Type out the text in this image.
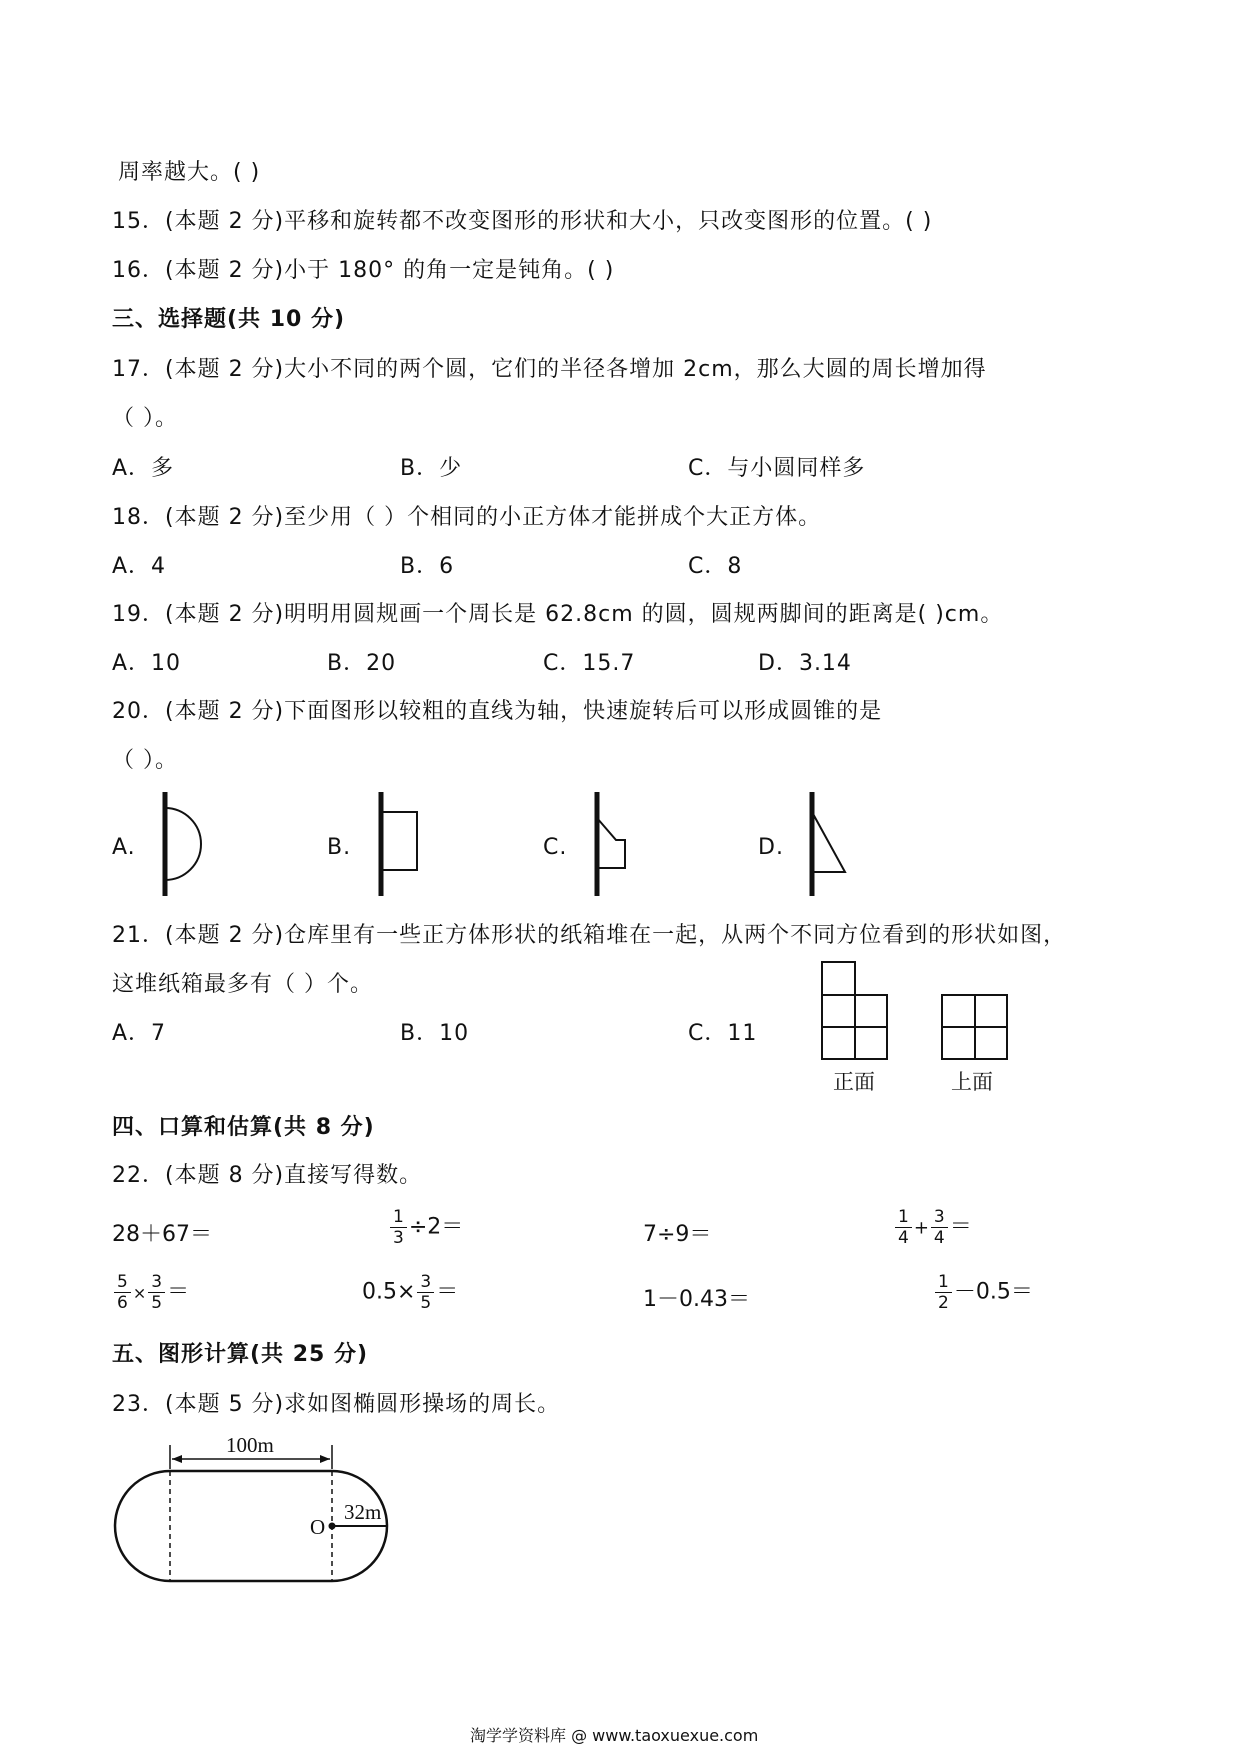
周率越大。( )
15．(本题 2 分)平移和旋转都不改变图形的形状和大小，只改变图形的位置。( )
16．(本题 2 分)小于 180° 的角一定是钝角。( )
三、选择题(共 10 分)
17．(本题 2 分)大小不同的两个圆，它们的半径各增加 2cm，那么大圆的周长增加得
（ ）。
A．多	B．少	C．与小圆同样多
18．(本题 2 分)至少用（ ）个相同的小正方体才能拼成个大正方体。
A．4	B．6	C．8
19．(本题 2 分)明明用圆规画一个周长是 62.8cm 的圆，圆规两脚间的距离是( )cm。
A．10	B．20	C．15.7	D．3.14
20．(本题 2 分)下面图形以较粗的直线为轴，快速旋转后可以形成圆锥的是
（ ）。
A.	B.	C.	D.
21．(本题 2 分)仓库里有一些正方体形状的纸箱堆在一起，从两个不同方位看到的形状如图，
这堆纸箱最多有（ ）个。
A．7	B．10	C．11
正面	上面
四、口算和估算(共 8 分)
22．(本题 8 分)直接写得数。
28＋67＝	$\frac{1}{3} \div 2=$	7÷9＝	$\frac{1}{4} + \frac{3}{4}$ ＝
$\frac{5}{6} \times \frac{3}{5}$ ＝	$0.5\times \frac{3}{5}$ ＝	1－0.43＝	$\frac{1}{2} -0.5=$
五、图形计算(共 25 分)
23．(本题 5 分)求如图椭圆形操场的周长。
100m
32m
O
淘学学资料库 @ www.taoxuexue.com
